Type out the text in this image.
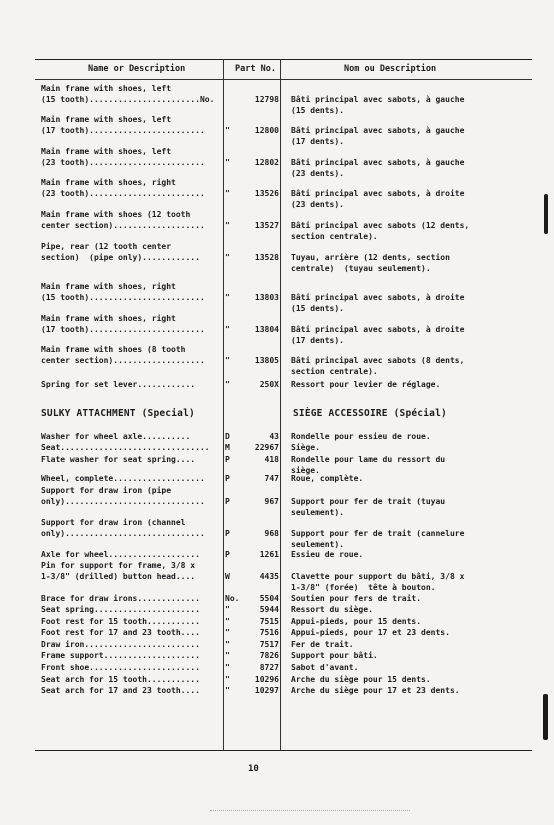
Name or Description	Part No.	Nom ou Description
Main frame with shoes, left
(15 tooth).......................No.	12798 Bâti principal avec sabots, à gauche
(15 dents).
Main frame with shoes, left
(17 tooth)........................	"	12800 Bâti principal avec sabots, à gauche
(17 dents).
Main frame with shoes, left
(23 tooth)........................	"	12802 Bâti principal avec sabots, à gauche
(23 dents).
Main frame with shoes, right
(23 tooth)........................	"	13526 Bâti principal avec sabots, à droite
(23 dents).
Main frame with shoes (12 tooth
center section)...................	"	13527 Bâti principal avec sabots (12 dents,
section centrale).
Pipe, rear (12 tooth center
section)  (pipe only)............	"	13528 Tuyau, arrière (12 dents, section
centrale)  (tuyau seulement).
Main frame with shoes, right
(15 tooth)........................	"	13803 Bâti principal avec sabots, à droite
(15 dents).
Main frame with shoes, right
(17 tooth)........................	"	13804 Bâti principal avec sabots, à droite
(17 dents).
Main frame with shoes (8 tooth
center section)...................	"	13805 Bâti principal avec sabots (8 dents,
section centrale).
Spring for set lever............	"	250X Ressort pour levier de réglage.
SULKY ATTACHMENT (Special)	SIÈGE ACCESSOIRE (Spécial)
Washer for wheel axle..........	D	43 Rondelle pour essieu de roue.
Seat...............................	M	22967 Siège.
Flate washer for seat spring....	P	418 Rondelle pour lame du ressort du
siège.
Wheel, complete...................	P	747 Roue, complète.
Support for draw iron (pipe
only).............................	P	967 Support pour fer de trait (tuyau
seulement).
Support for draw iron (channel
only).............................	P	968 Support pour fer de trait (cannelure
seulement).
Axle for wheel...................	P	1261 Essieu de roue.
Pin for support for frame, 3/8 x
1-3/8" (drilled) button head....	W	4435 Clavette pour support du bâti, 3/8 x
1-3/8" (forée)  tête à bouton.
Brace for draw irons.............	No.	5504 Soutien pour fers de trait.
Seat spring......................	"	5944 Ressort du siège.
Foot rest for 15 tooth...........	"	7515 Appui-pieds, pour 15 dents.
Foot rest for 17 and 23 tooth....	"	7516 Appui-pieds, pour 17 et 23 dents.
Draw iron........................	"	7517 Fer de trait.
Frame support....................	"	7826 Support pour bâti.
Front shoe.......................	"	8727 Sabot d'avant.
Seat arch for 15 tooth...........	"	10296 Arche du siège pour 15 dents.
Seat arch for 17 and 23 tooth....	"	10297 Arche du siège pour 17 et 23 dents.
10
